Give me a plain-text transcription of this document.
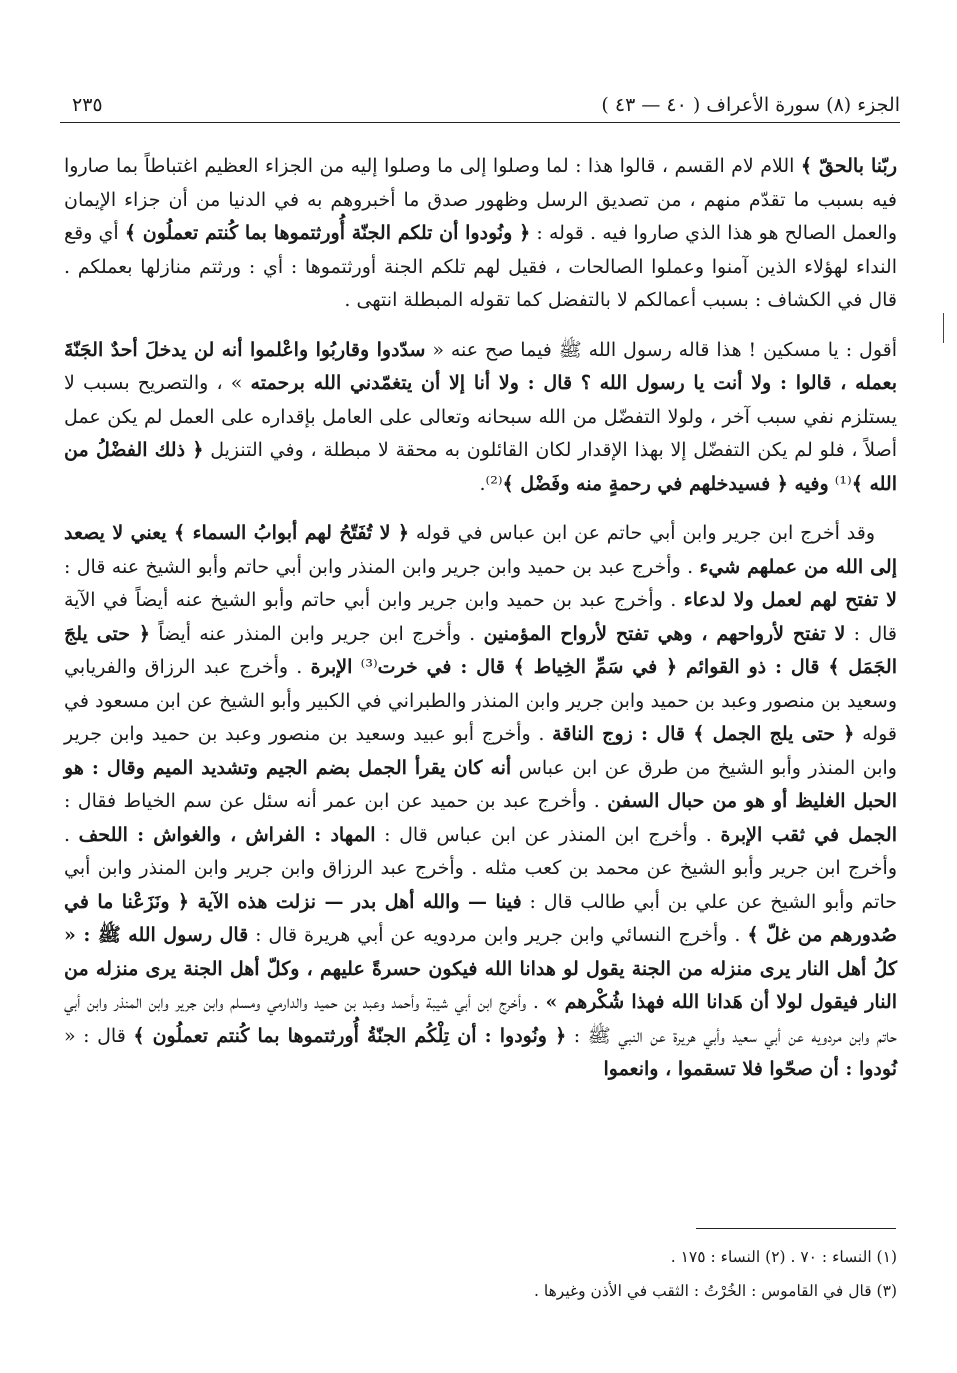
الجزء (٨) سورة الأعراف ( ٤٠ — ٤٣ )
٢٣٥

ربّنا بالحقّ ﴾ اللام لام القسم ، قالوا هذا : لما وصلوا إلى ما وصلوا إليه من الجزاء العظيم اغتباطاً بما صاروا فيه بسبب ما تقدّم منهم ، من تصديق الرسل وظهور صدق ما أخبروهم به في الدنيا من أن جزاء الإيمان والعمل الصالح هو هذا الذي صاروا فيه . قوله : ﴿ ونُودوا أن تلكم الجنّة أُورثتموها بما كُنتم تعملُون ﴾ أي وقع النداء لهؤلاء الذين آمنوا وعملوا الصالحات ، فقيل لهم تلكم الجنة أورثتموها : أي : ورثتم منازلها بعملكم . قال في الكشاف : بسبب أعمالكم لا بالتفضل كما تقوله المبطلة انتهى .

أقول : يا مسكين ! هذا قاله رسول الله ﷺ فيما صح عنه « سدّدوا وقاربُوا واعْلموا أنه لن يدخلَ أحدٌ الجَنّةَ بعمله ، قالوا : ولا أنت يا رسول الله ؟ قال : ولا أنا إلا أن يتغمّدني الله برحمته » ، والتصريح بسبب لا يستلزم نفي سبب آخر ، ولولا التفضّل من الله سبحانه وتعالى على العامل بإقداره على العمل لم يكن عمل أصلاً ، فلو لم يكن التفضّل إلا بهذا الإقدار لكان القائلون به محقة لا مبطلة ، وفي التنزيل ﴿ ذلك الفضْلُ من الله ﴾⁽¹⁾ وفيه ﴿ فسيدخلهم في رحمةٍ منه وفَضْل ﴾⁽²⁾.

وقد أخرج ابن جرير وابن أبي حاتم عن ابن عباس في قوله ﴿ لا تُفَتّحُ لهم أبوابُ السماء ﴾ يعني لا يصعد إلى الله من عملهم شيء . وأخرج عبد بن حميد وابن جرير وابن المنذر وابن أبي حاتم وأبو الشيخ عنه قال : لا تفتح لهم لعمل ولا لدعاء . وأخرج عبد بن حميد وابن جرير وابن أبي حاتم وأبو الشيخ عنه أيضاً في الآية قال : لا تفتح لأرواحهم ، وهي تفتح لأرواح المؤمنين . وأخرج ابن جرير وابن المنذر عنه أيضاً ﴿ حتى يلجَ الجَمَل ﴾ قال : ذو القوائم ﴿ في سَمِّ الخِياط ﴾ قال : في خرت⁽³⁾ الإبرة . وأخرج عبد الرزاق والفريابي وسعيد بن منصور وعبد بن حميد وابن جرير وابن المنذر والطبراني في الكبير وأبو الشيخ عن ابن مسعود في قوله ﴿ حتى يلج الجمل ﴾ قال : زوج الناقة . وأخرج أبو عبيد وسعيد بن منصور وعبد بن حميد وابن جرير وابن المنذر وأبو الشيخ من طرق عن ابن عباس أنه كان يقرأ الجمل بضم الجيم وتشديد الميم وقال : هو الحبل الغليظ أو هو من حبال السفن . وأخرج عبد بن حميد عن ابن عمر أنه سئل عن سم الخياط فقال : الجمل في ثقب الإبرة . وأخرج ابن المنذر عن ابن عباس قال : المهاد : الفراش ، والغواش : اللحف . وأخرج ابن جرير وأبو الشيخ عن محمد بن كعب مثله . وأخرج عبد الرزاق وابن جرير وابن المنذر وابن أبي حاتم وأبو الشيخ عن علي بن أبي طالب قال : فينا — والله أهل بدر — نزلت هذه الآية ﴿ ونَزَعْنا ما في صُدورهم من غلّ ﴾ . وأخرج النسائي وابن جرير وابن مردويه عن أبي هريرة قال : قال رسول الله ﷺ : « كلُ أهل النار يرى منزله من الجنة يقول لو هدانا الله فيكون حسرةً عليهم ، وكلّ أهل الجنة يرى منزله من النار فيقول لولا أن هَدانا الله فهذا شُكْرهم » . وأخرج ابن أبي شيبة وأحمد وعبد بن حميد والدارمي ومسلم وابن جرير وابن المنذر وابن أبي حاتم وابن مردويه عن أبي سعيد وأبي هريرة عن النبي ﷺ : ﴿ ونُودوا : أن تِلْكُم الجنّةُ أُورثتموها بما كُنتم تعملُون ﴾ قال : « نُودوا : أن صحّوا فلا تسقموا ، وانعموا

(١) النساء : ٧٠ . (٢) النساء : ١٧٥ .

(٣) قال في القاموس : الخُرْتُ : الثقب في الأذن وغيرها .
